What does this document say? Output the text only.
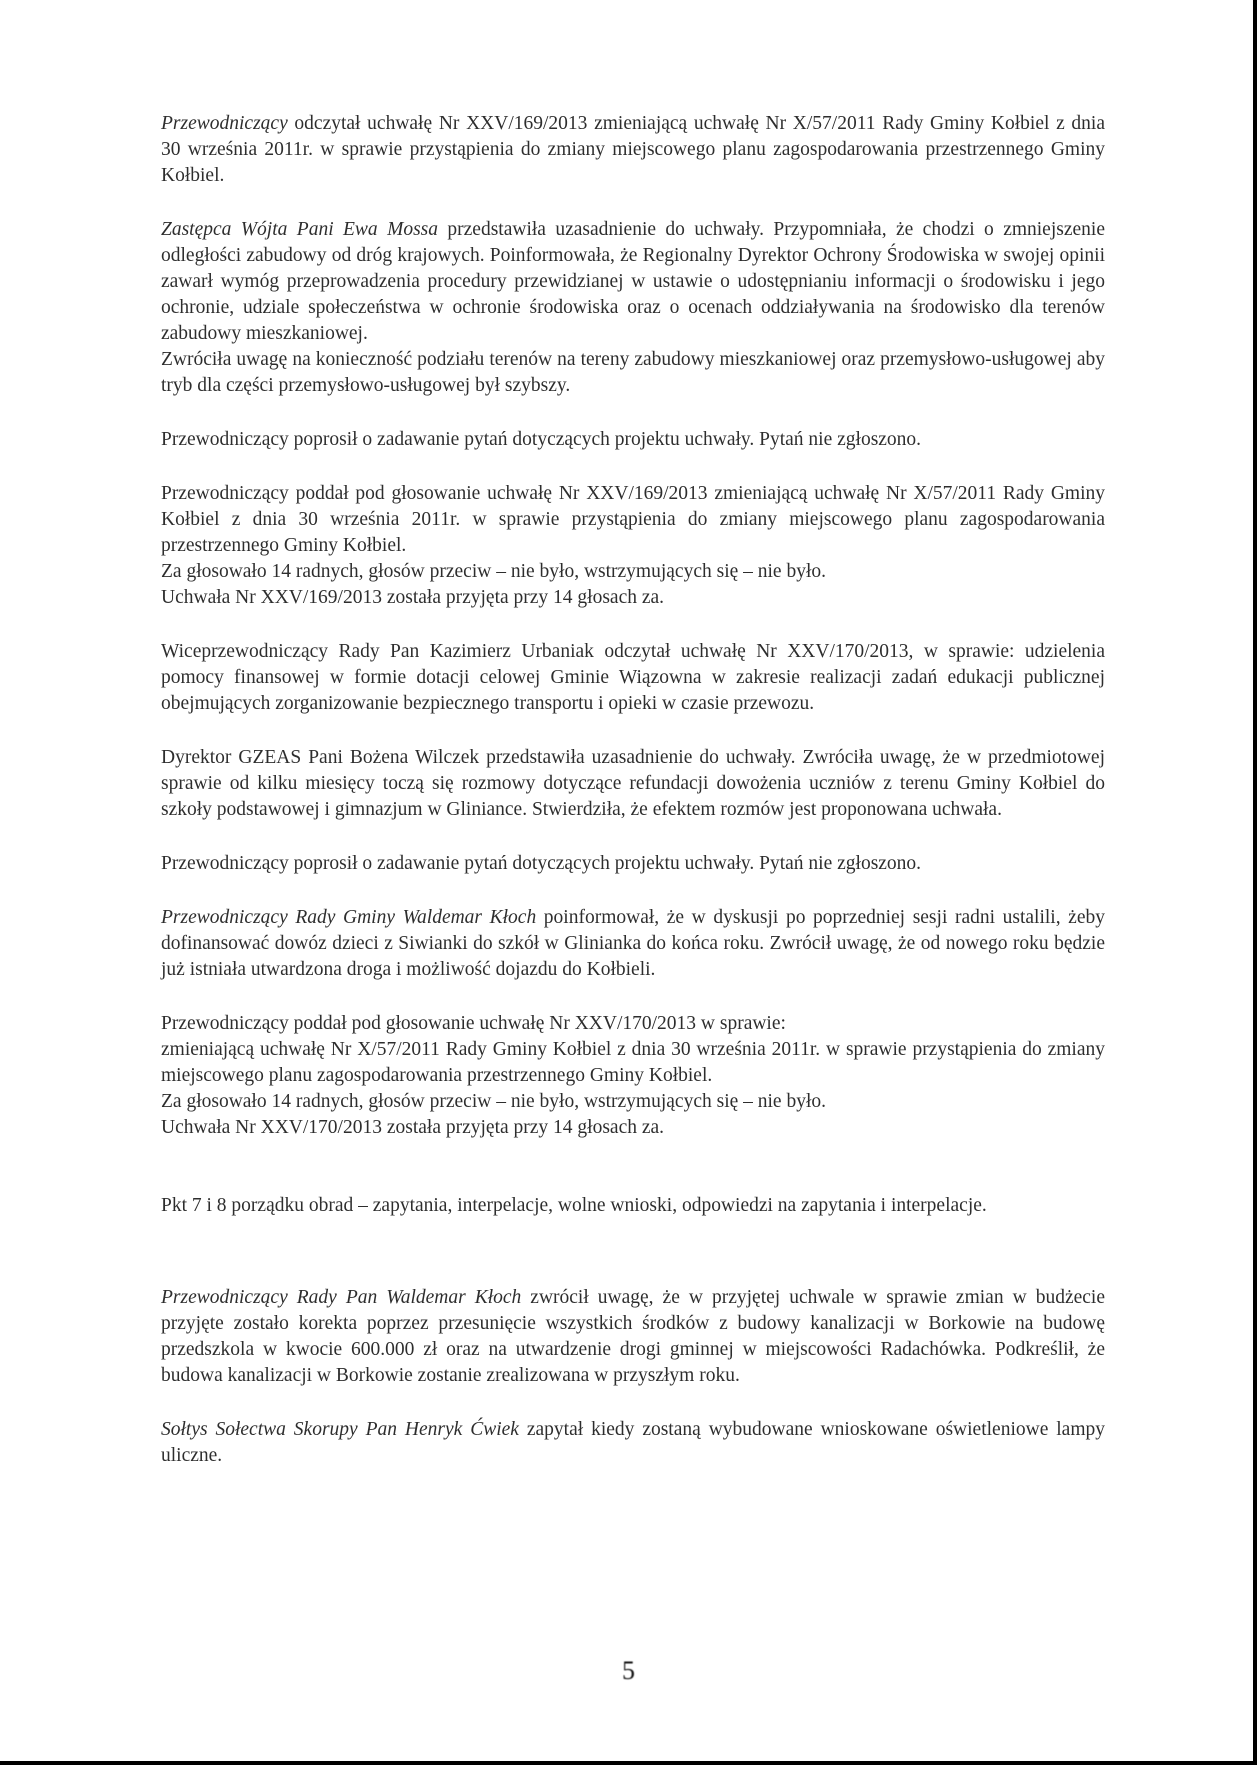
Przewodniczący odczytał uchwałę Nr XXV/169/2013 zmieniającą uchwałę Nr X/57/2011 Rady Gminy Kołbiel z dnia 30 września 2011r. w sprawie przystąpienia do zmiany miejscowego planu zagospodarowania przestrzennego Gminy Kołbiel.

Zastępca Wójta Pani Ewa Mossa przedstawiła uzasadnienie do uchwały. Przypomniała, że chodzi o zmniejszenie odległości zabudowy od dróg krajowych. Poinformowała, że Regionalny Dyrektor Ochrony Środowiska w swojej opinii zawarł wymóg przeprowadzenia procedury przewidzianej w ustawie o udostępnianiu informacji o środowisku i jego ochronie, udziale społeczeństwa w ochronie środowiska oraz o ocenach oddziaływania na środowisko dla terenów zabudowy mieszkaniowej.
Zwróciła uwagę na konieczność podziału terenów na tereny zabudowy mieszkaniowej oraz przemysłowo-usługowej aby tryb dla części przemysłowo-usługowej był szybszy.

Przewodniczący poprosił o zadawanie pytań dotyczących projektu uchwały. Pytań nie zgłoszono.

Przewodniczący poddał pod głosowanie uchwałę Nr XXV/169/2013 zmieniającą uchwałę Nr X/57/2011 Rady Gminy Kołbiel z dnia 30 września 2011r. w sprawie przystąpienia do zmiany miejscowego planu zagospodarowania przestrzennego Gminy Kołbiel.
Za głosowało 14 radnych, głosów przeciw – nie było, wstrzymujących się – nie było.
Uchwała Nr XXV/169/2013 została przyjęta przy 14 głosach za.

Wiceprzewodniczący Rady Pan Kazimierz Urbaniak odczytał uchwałę Nr XXV/170/2013, w sprawie: udzielenia pomocy finansowej w formie dotacji celowej Gminie Wiązowna w zakresie realizacji zadań edukacji publicznej obejmujących zorganizowanie bezpiecznego transportu i opieki w czasie przewozu.

Dyrektor GZEAS Pani Bożena Wilczek przedstawiła uzasadnienie do uchwały. Zwróciła uwagę, że w przedmiotowej sprawie od kilku miesięcy toczą się rozmowy dotyczące refundacji dowożenia uczniów z terenu Gminy Kołbiel do szkoły podstawowej i gimnazjum w Gliniance. Stwierdziła, że efektem rozmów jest proponowana uchwała.

Przewodniczący poprosił o zadawanie pytań dotyczących projektu uchwały. Pytań nie zgłoszono.

Przewodniczący Rady Gminy Waldemar Kłoch poinformował, że w dyskusji po poprzedniej sesji radni ustalili, żeby dofinansować dowóz dzieci z Siwianki do szkół w Glinianka do końca roku. Zwrócił uwagę, że od nowego roku będzie już istniała utwardzona droga i możliwość dojazdu do Kołbieli.

Przewodniczący poddał pod głosowanie uchwałę Nr XXV/170/2013 w sprawie:
zmieniającą uchwałę Nr X/57/2011 Rady Gminy Kołbiel z dnia 30 września 2011r. w sprawie przystąpienia do zmiany miejscowego planu zagospodarowania przestrzennego Gminy Kołbiel.
Za głosowało 14 radnych, głosów przeciw – nie było, wstrzymujących się – nie było.
Uchwała Nr XXV/170/2013 została przyjęta przy 14 głosach za.

Pkt 7 i 8 porządku obrad – zapytania, interpelacje, wolne wnioski, odpowiedzi na zapytania i interpelacje.

Przewodniczący Rady Pan Waldemar Kłoch zwrócił uwagę, że w przyjętej uchwale w sprawie zmian w budżecie przyjęte zostało korekta poprzez przesunięcie wszystkich środków z budowy kanalizacji w Borkowie na budowę przedszkola w kwocie 600.000 zł oraz na utwardzenie drogi gminnej w miejscowości Radachówka. Podkreślił, że budowa kanalizacji w Borkowie zostanie zrealizowana w przyszłym roku.

Sołtys Sołectwa Skorupy Pan Henryk Ćwiek zapytał kiedy zostaną wybudowane wnioskowane oświetleniowe lampy uliczne.

5
